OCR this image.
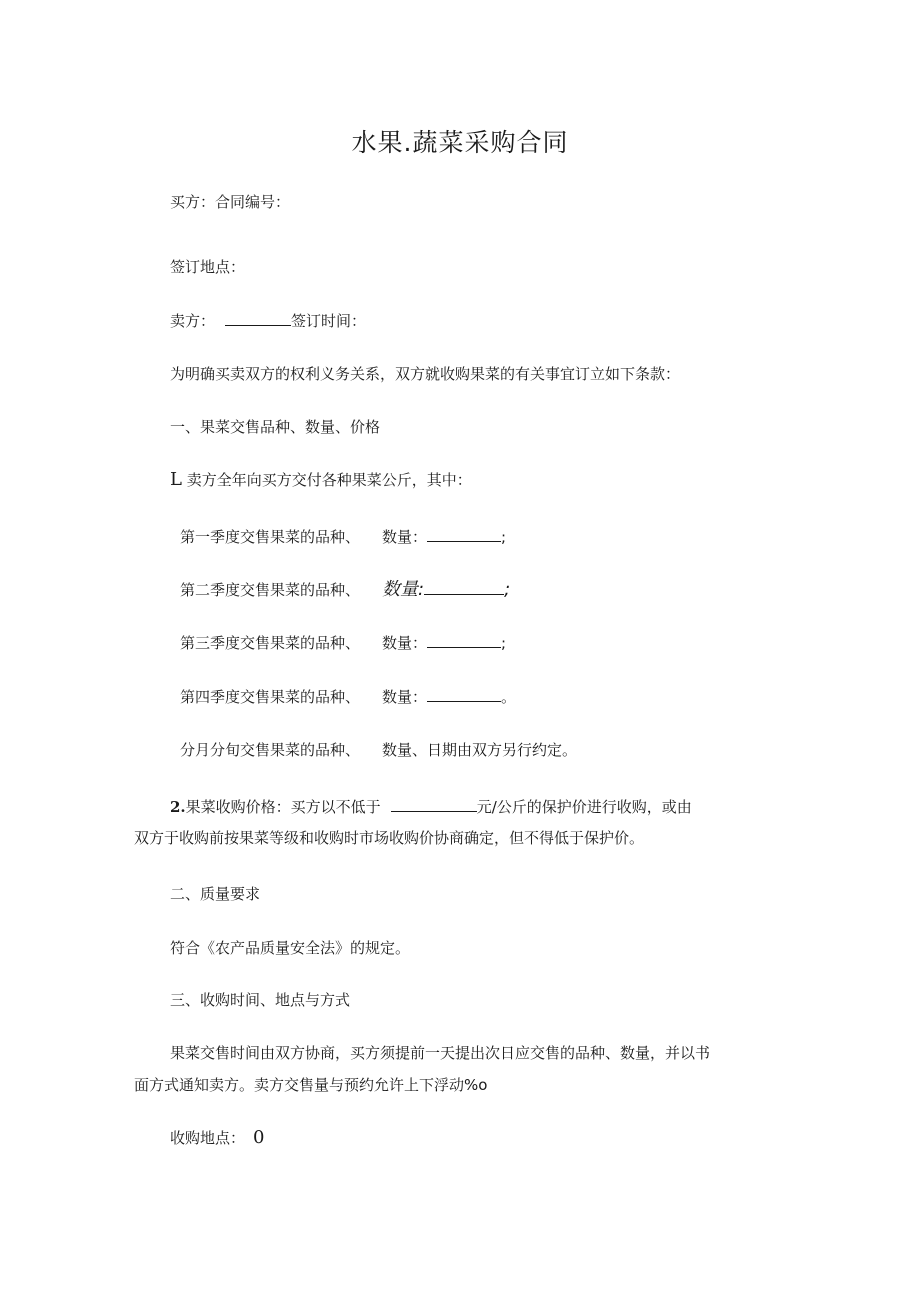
水果.蔬菜采购合同
买方：合同编号：
签订地点：
卖方：	签订时间：
为明确买卖双方的权利义务关系，双方就收购果菜的有关事宜订立如下条款：
一、果菜交售品种、数量、价格
L 卖方全年向买方交付各种果菜公斤，其中：
第一季度交售果菜的品种、 数量：	;
第二季度交售果菜的品种、 数量:	;
第三季度交售果菜的品种、 数量：	;
第四季度交售果菜的品种、 数量：	。
分月分旬交售果菜的品种、 数量、日期由双方另行约定。
2.果菜收购价格：买方以不低于	元/公斤的保护价进行收购，或由
双方于收购前按果菜等级和收购时市场收购价协商确定，但不得低于保护价。
二、质量要求
符合《农产品质量安全法》的规定。
三、收购时间、地点与方式
果菜交售时间由双方协商，买方须提前一天提出次日应交售的品种、数量，并以书
面方式通知卖方。卖方交售量与预约允许上下浮动%o
收购地点： 0
